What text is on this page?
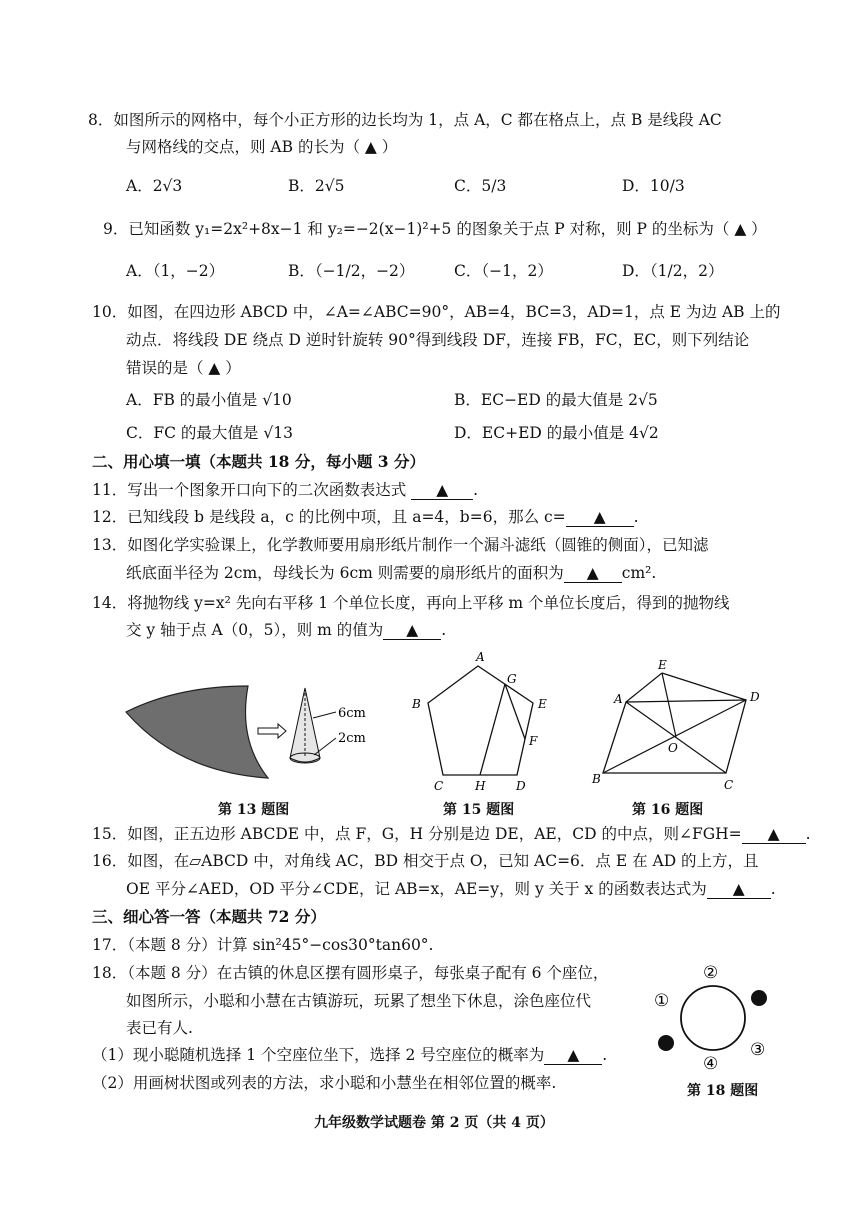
8．如图所示的网格中，每个小正方形的边长均为 1，点 A，C 都在格点上，点 B 是线段 AC
与网格线的交点，则 AB 的长为（ ▲ ）
A．2√3	B．2√5	C．5/3	D．10/3
9．已知函数 y₁=2x²+8x−1 和 y₂=−2(x−1)²+5 的图象关于点 P 对称，则 P 的坐标为（ ▲ ）
A．（1，−2）	B．（−1/2，−2）	C．（−1，2）	D．（1/2，2）
10．如图，在四边形 ABCD 中，∠A=∠ABC=90°，AB=4，BC=3，AD=1，点 E 为边 AB 上的
动点．将线段 DE 绕点 D 逆时针旋转 90°得到线段 DF，连接 FB，FC，EC，则下列结论
错误的是（ ▲ ）
A．FB 的最小值是 √10	B．EC−ED 的最大值是 2√5
C．FC 的最大值是 √13	D．EC+ED 的最小值是 4√2
二、用心填一填（本题共 18 分，每小题 3 分）
11．写出一个图象开口向下的二次函数表达式 ▲ .
12．已知线段 b 是线段 a，c 的比例中项，且 a=4，b=6，那么 c= ▲ .
13．如图化学实验课上，化学教师要用扇形纸片制作一个漏斗滤纸（圆锥的侧面），已知滤
纸底面半径为 2cm，母线长为 6cm 则需要的扇形纸片的面积为 ▲ cm².
14．将抛物线 y=x² 先向右平移 1 个单位长度，再向上平移 m 个单位长度后，得到的抛物线
交 y 轴于点 A（0，5），则 m 的值为 ▲ .
6cm
2cm
第 13 题图
A
B
C	D
E
F
G
H
第 15 题图
E
A	D
B	C
O
第 16 题图
15．如图，正五边形 ABCDE 中，点 F，G，H 分别是边 DE，AE，CD 的中点，则∠FGH= ▲ .
16．如图，在▱ABCD 中，对角线 AC，BD 相交于点 O，已知 AC=6．点 E 在 AD 的上方，且
OE 平分∠AED，OD 平分∠CDE，记 AB=x，AE=y，则 y 关于 x 的函数表达式为 ▲ .
三、细心答一答（本题共 72 分）
17．（本题 8 分）计算 sin²45°−cos30°tan60°.
18．（本题 8 分）在古镇的休息区摆有圆形桌子，每张桌子配有 6 个座位，
如图所示，小聪和小慧在古镇游玩，玩累了想坐下休息，涂色座位代
表已有人.
（1）现小聪随机选择 1 个空座位坐下，选择 2 号空座位的概率为 ▲ .
（2）用画树状图或列表的方法，求小聪和小慧坐在相邻位置的概率.
②
①
③
④
第 18 题图
九年级数学试题卷 第 2 页（共 4 页）
